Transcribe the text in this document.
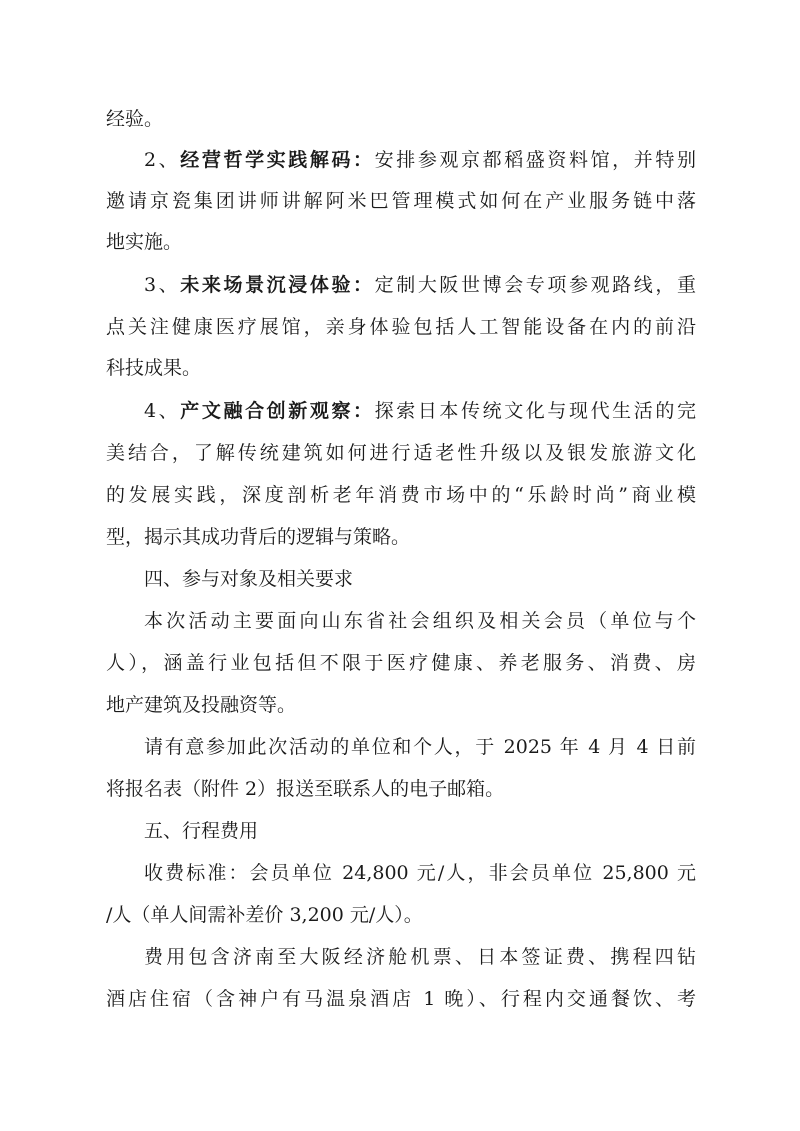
经验。
2、经营哲学实践解码：安排参观京都稻盛资料馆，并特别
邀请京瓷集团讲师讲解阿米巴管理模式如何在产业服务链中落
地实施。
3、未来场景沉浸体验：定制大阪世博会专项参观路线，重
点关注健康医疗展馆，亲身体验包括人工智能设备在内的前沿
科技成果。
4、产文融合创新观察：探索日本传统文化与现代生活的完
美结合，了解传统建筑如何进行适老性升级以及银发旅游文化
的发展实践，深度剖析老年消费市场中的“乐龄时尚”商业模
型，揭示其成功背后的逻辑与策略。
四、参与对象及相关要求
本次活动主要面向山东省社会组织及相关会员（单位与个
人），涵盖行业包括但不限于医疗健康、养老服务、消费、房
地产建筑及投融资等。
请有意参加此次活动的单位和个人，于 2025 年 4 月 4 日前
将报名表（附件 2）报送至联系人的电子邮箱。
五、行程费用
收费标准：会员单位 24,800 元/人，非会员单位 25,800 元
/人（单人间需补差价 3,200 元/人）。
费用包含济南至大阪经济舱机票、日本签证费、携程四钻
酒店住宿（含神户有马温泉酒店 1 晚）、行程内交通餐饮、考
